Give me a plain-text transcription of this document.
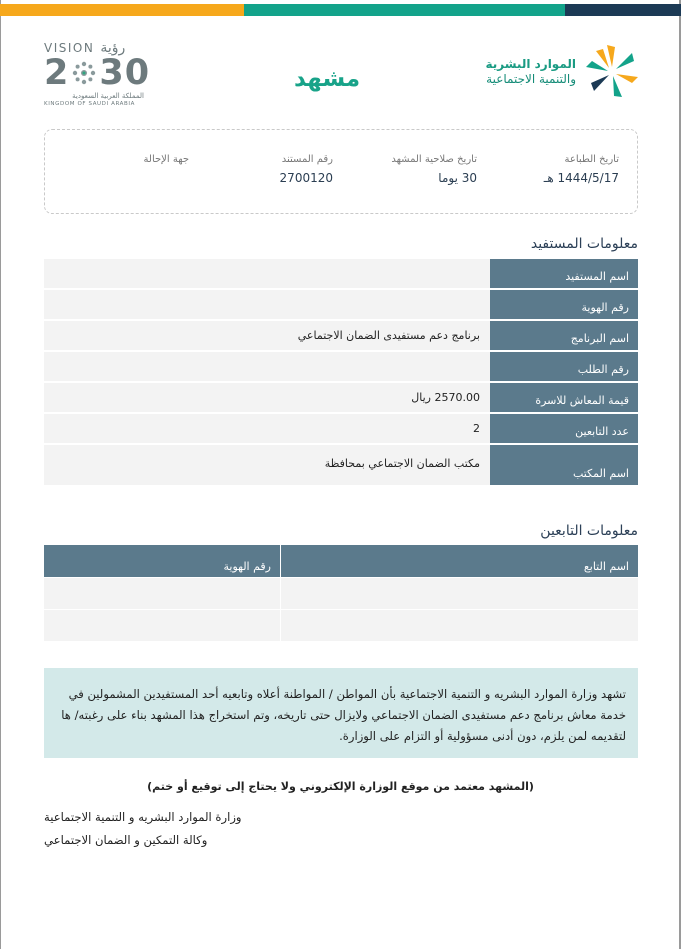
VISION رؤية
2 30
المملكة العربية السعودية
KINGDOM OF SAUDI ARABIA
مشهد
الموارد البشرية
والتنمية الاجتماعية
تاريخ الطباعة
1444/5/17 هـ
تاريخ صلاحية المشهد
30 يوما
رقم المستند
2700120
جهة الإحالة
معلومات المستفيد
اسم المستفيد
رقم الهوية
اسم البرنامج
برنامج دعم مستفيدى الضمان الاجتماعي
رقم الطلب
قيمة المعاش للاسرة
2570.00 ريال
عدد التابعين
2
اسم المكتب
مكتب الضمان الاجتماعي بمحافظة
معلومات التابعين
اسم التابع
رقم الهوية
تشهد وزارة الموارد البشريه و التنمية الاجتماعية بأن المواطن / المواطنة أعلاه وتابعيه أحد المستفيدين المشمولين في خدمة معاش برنامج دعم مستفيدى الضمان الاجتماعي ولايزال حتى تاريخه، وتم استخراج هذا المشهد بناء على رغبته/ ها لتقديمه لمن يلزم، دون أدنى مسؤولية أو التزام على الوزارة.
(المشهد معتمد من موقع الوزارة الإلكتروني ولا يحتاج إلى توقيع أو ختم)
وزارة الموارد البشريه و التنمية الاجتماعية
وكالة التمكين و الضمان الاجتماعي
